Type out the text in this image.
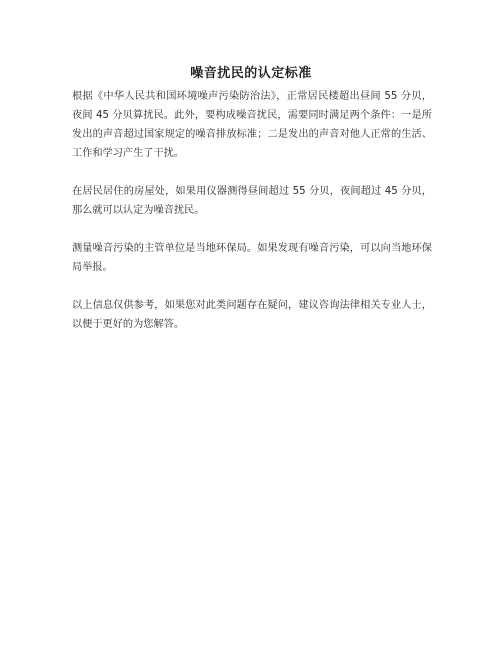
噪音扰民的认定标准

根据《中华人民共和国环境噪声污染防治法》，正常居民楼超出昼间 55 分贝，夜间 45 分贝算扰民。此外，要构成噪音扰民，需要同时满足两个条件：一是所发出的声音超过国家规定的噪音排放标准；二是发出的声音对他人正常的生活、工作和学习产生了干扰。

在居民居住的房屋处，如果用仪器测得昼间超过 55 分贝，夜间超过 45 分贝，那么就可以认定为噪音扰民。

测量噪音污染的主管单位是当地环保局。如果发现有噪音污染，可以向当地环保局举报。

以上信息仅供参考，如果您对此类问题存在疑问，建议咨询法律相关专业人士，以便于更好的为您解答。
